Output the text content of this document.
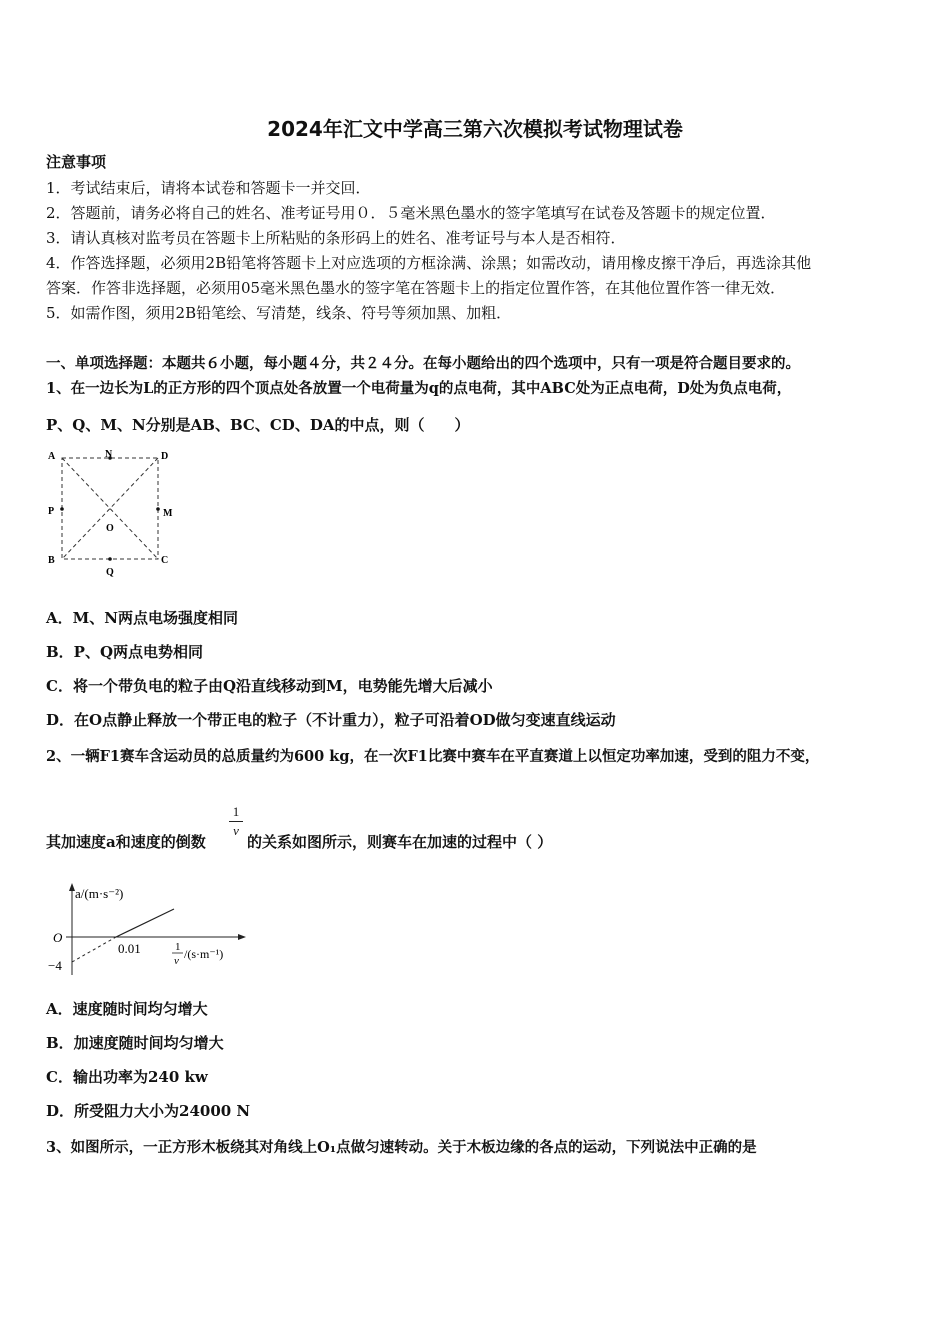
2024年汇文中学高三第六次模拟考试物理试卷
注意事项
1．考试结束后，请将本试卷和答题卡一并交回．
2．答题前，请务必将自己的姓名、准考证号用０．５毫米黑色墨水的签字笔填写在试卷及答题卡的规定位置．
3．请认真核对监考员在答题卡上所粘贴的条形码上的姓名、准考证号与本人是否相符．
4．作答选择题，必须用2B铅笔将答题卡上对应选项的方框涂满、涂黑；如需改动，请用橡皮擦干净后，再选涂其他
答案．作答非选择题，必须用05毫米黑色墨水的签字笔在答题卡上的指定位置作答，在其他位置作答一律无效．
5．如需作图，须用2B铅笔绘、写清楚，线条、符号等须加黑、加粗．
一、单项选择题：本题共６小题，每小题４分，共２４分。在每小题给出的四个选项中，只有一项是符合题目要求的。
1、在一边长为L的正方形的四个顶点处各放置一个电荷量为q的点电荷，其中ABC处为正点电荷，D处为负点电荷，
P、Q、M、N分别是AB、BC、CD、DA的中点，则（　　）
A	N	D
P
O
M
B
Q
C
A．M、N两点电场强度相同
B．P、Q两点电势相同
C．将一个带负电的粒子由Q沿直线移动到M，电势能先增大后减小
D．在O点静止释放一个带正电的粒子（不计重力），粒子可沿着OD做匀变速直线运动
2、一辆F1赛车含运动员的总质量约为600 kg，在一次F1比赛中赛车在平直赛道上以恒定功率加速，受到的阻力不变，
其加速度a和速度的倒数
1
v
的关系如图所示，则赛车在加速的过程中（ ）
a/(m·s⁻²)
O
−4
0.01	1
v /(s·m⁻¹)
A．速度随时间均匀增大
B．加速度随时间均匀增大
C．输出功率为240 kw
D．所受阻力大小为24000 N
3、如图所示，一正方形木板绕其对角线上O₁点做匀速转动。关于木板边缘的各点的运动，下列说法中正确的是
